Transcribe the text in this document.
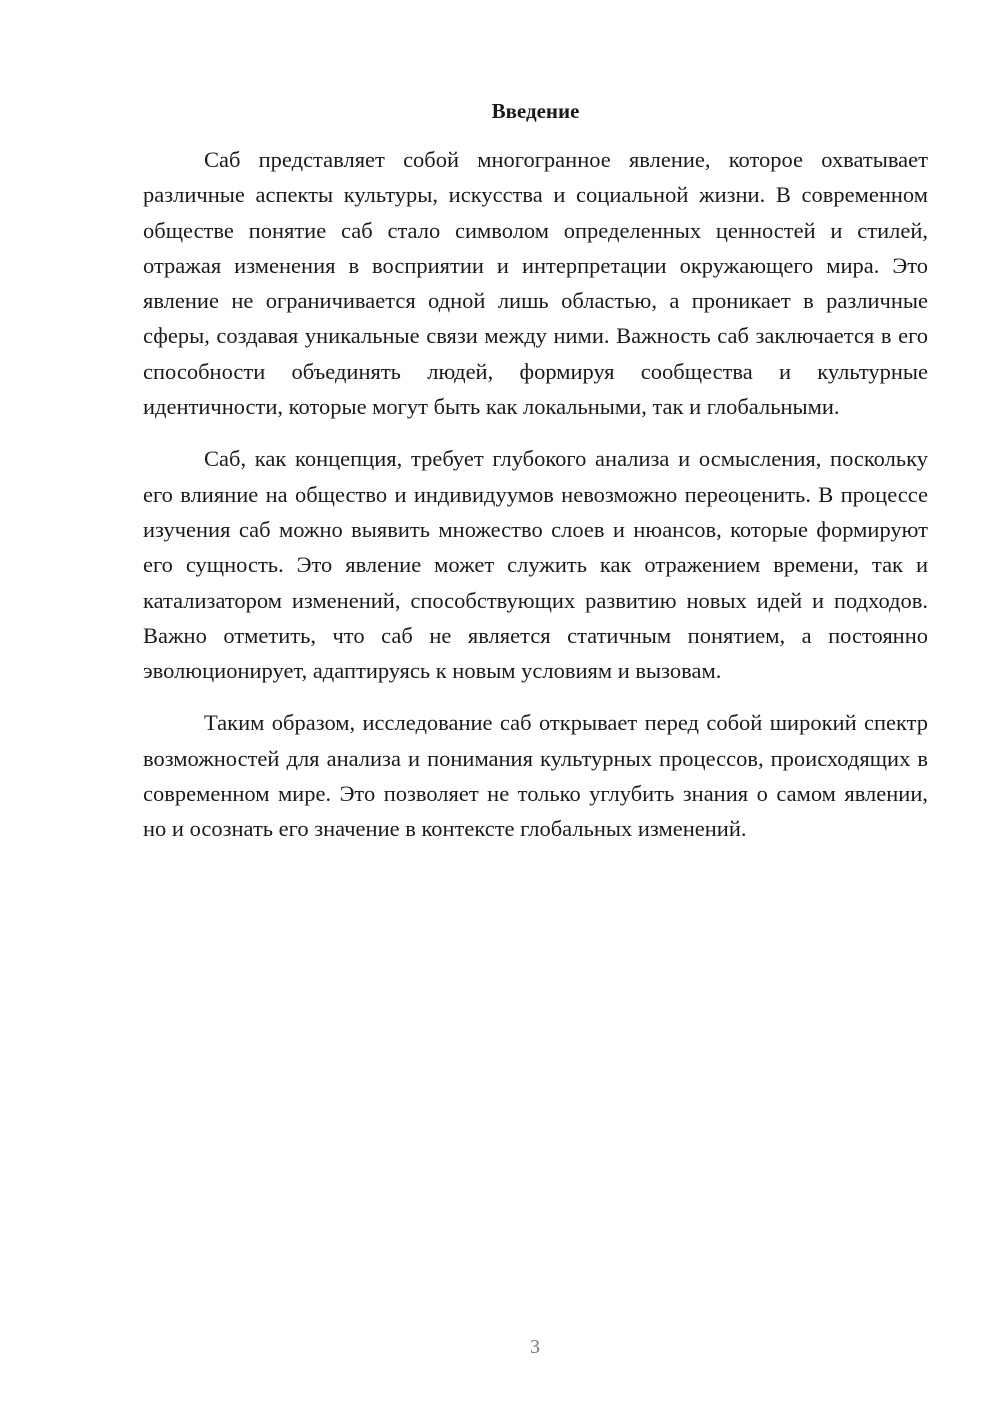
Введение

Саб представляет собой многогранное явление, которое охватывает различные аспекты культуры, искусства и социальной жизни. В современном обществе понятие саб стало символом определенных ценностей и стилей, отражая изменения в восприятии и интерпретации окружающего мира. Это явление не ограничивается одной лишь областью, а проникает в различные сферы, создавая уникальные связи между ними. Важность саб заключается в его способности объединять людей, формируя сообщества и культурные идентичности, которые могут быть как локальными, так и глобальными.

Саб, как концепция, требует глубокого анализа и осмысления, поскольку его влияние на общество и индивидуумов невозможно переоценить. В процессе изучения саб можно выявить множество слоев и нюансов, которые формируют его сущность. Это явление может служить как отражением времени, так и катализатором изменений, способствующих развитию новых идей и подходов. Важно отметить, что саб не является статичным понятием, а постоянно эволюционирует, адаптируясь к новым условиям и вызовам.

Таким образом, исследование саб открывает перед собой широкий спектр возможностей для анализа и понимания культурных процессов, происходящих в современном мире. Это позволяет не только углубить знания о самом явлении, но и осознать его значение в контексте глобальных изменений.

3
